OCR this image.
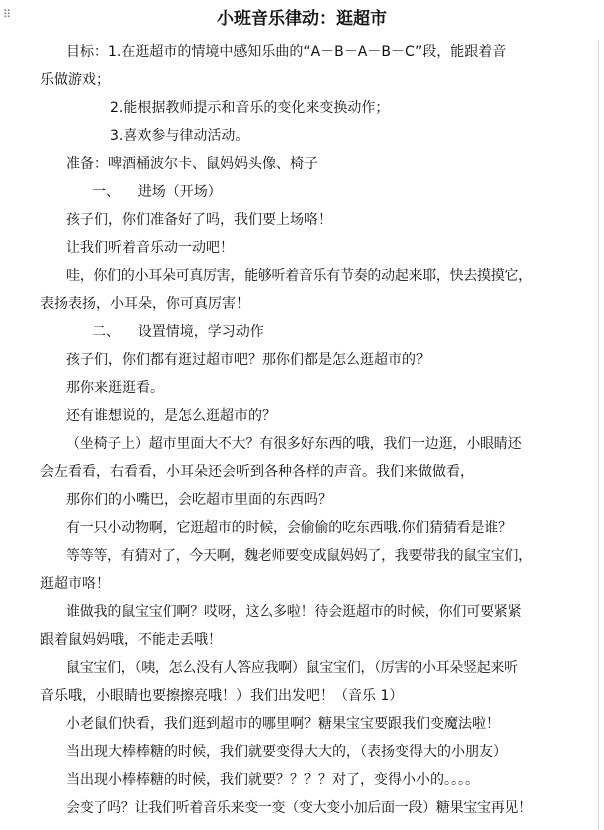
⠿	小班音乐律动：逛超市
目标：1.在逛超市的情境中感知乐曲的“A－B－A－B－C”段，能跟着音
乐做游戏；
2.能根据教师提示和音乐的变化来变换动作；
3.喜欢参与律动活动。
准备：啤酒桶波尔卡、鼠妈妈头像、椅子
一、    进场（开场）
孩子们，你们准备好了吗，我们要上场咯！
让我们听着音乐动一动吧！
哇，你们的小耳朵可真厉害，能够听着音乐有节奏的动起来耶，快去摸摸它，
表扬表扬，小耳朵，你可真厉害！
二、    设置情境，学习动作
孩子们，你们都有逛过超市吧？那你们都是怎么逛超市的？
那你来逛逛看。
还有谁想说的，是怎么逛超市的？
（坐椅子上）超市里面大不大？有很多好东西的哦，我们一边逛，小眼睛还
会左看看，右看看，小耳朵还会听到各种各样的声音。我们来做做看，
那你们的小嘴巴，会吃超市里面的东西吗？
有一只小动物啊，它逛超市的时候，会偷偷的吃东西哦.你们猜猜看是谁？
等等等，有猜对了，今天啊，魏老师要变成鼠妈妈了，我要带我的鼠宝宝们，
逛超市咯！
谁做我的鼠宝宝们啊？哎呀，这么多啦！待会逛超市的时候，你们可要紧紧
跟着鼠妈妈哦，不能走丢哦！
鼠宝宝们，（咦，怎么没有人答应我啊）鼠宝宝们，（厉害的小耳朵竖起来听
音乐哦，小眼睛也要擦擦亮哦！）我们出发吧！（音乐 1）
小老鼠们快看，我们逛到超市的哪里啊？糖果宝宝要跟我们变魔法啦！
当出现大棒棒糖的时候，我们就要变得大大的，（表扬变得大的小朋友）
当出现小棒棒糖的时候，我们就要？？？？对了，变得小小的。。。。
会变了吗？让我们听着音乐来变一变（变大变小加后面一段）糖果宝宝再见！
